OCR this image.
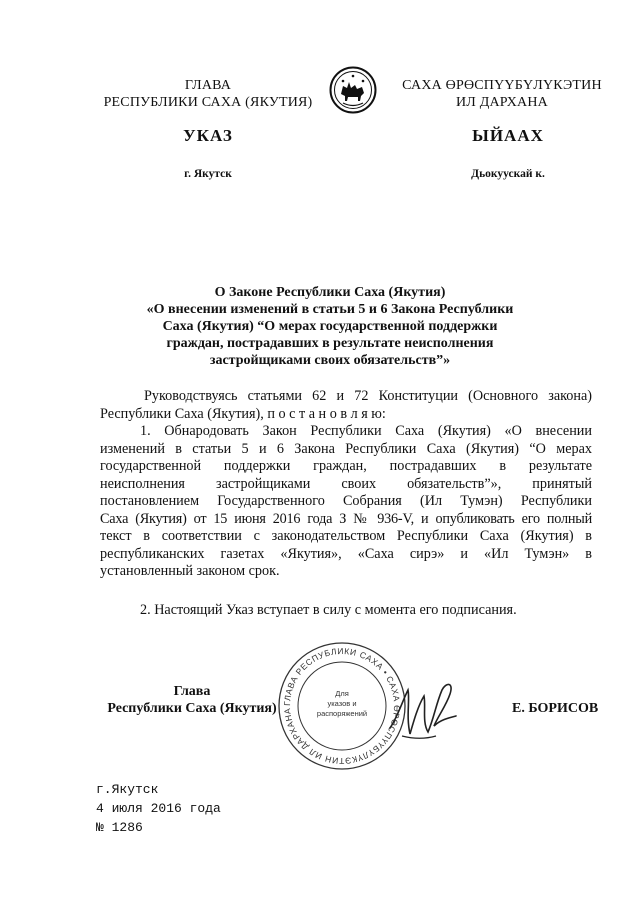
ГЛАВА
РЕСПУБЛИКИ САХА (ЯКУТИЯ)
УКАЗ
г. Якутск
САХА ӨРӨСПҮҮБҮЛҮКЭТИН
ИЛ ДАРХАНА
ЫЙААХ
Дьокуускай к.
О Законе Республики Саха (Якутия)
«О внесении изменений в статьи 5 и 6 Закона Республики
Саха (Якутия) “О мерах государственной поддержки
граждан, пострадавших в результате неисполнения
застройщиками своих обязательств”»
Руководствуясь статьями 62 и 72 Конституции (Основного закона)
Республики Саха (Якутия), п о с т а н о в л я ю:
1. Обнародовать Закон Республики Саха (Якутия) «О внесении
изменений в статьи 5 и 6 Закона Республики Саха (Якутия) “О мерах
государственной поддержки граждан, пострадавших в результате
неисполнения застройщиками своих обязательств”», принятый
постановлением Государственного Собрания (Ил Тумэн) Республики
Саха (Якутия) от 15 июня 2016 года З № 936-V, и опубликовать его полный
текст в соответствии с законодательством Республики Саха (Якутия) в
республиканских газетах «Якутия», «Саха сирэ» и «Ил Тумэн» в
установленный законом срок.
2. Настоящий Указ вступает в силу с момента его подписания.
ГЛАВА РЕСПУБЛИКИ САХА • САХА ӨРӨСПҮҮБҮЛҮКЭТИН ИЛ ДАРХАНА
Для
указов и
распоряжений
Глава
Республики Саха (Якутия)	Е. БОРИСОВ
г.Якутск
4 июля 2016 года
№ 1286
